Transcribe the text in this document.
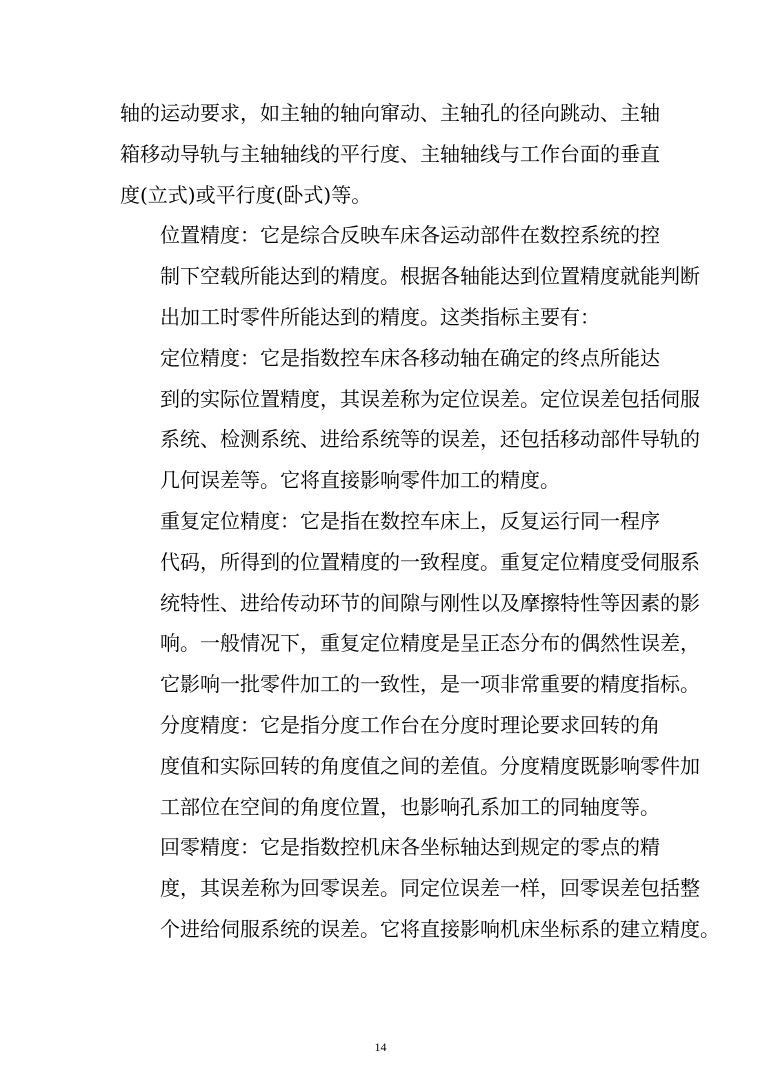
轴的运动要求，如主轴的轴向窜动、主轴孔的径向跳动、主轴
箱移动导轨与主轴轴线的平行度、主轴轴线与工作台面的垂直
度(立式)或平行度(卧式)等。

位置精度：它是综合反映车床各运动部件在数控系统的控
制下空载所能达到的精度。根据各轴能达到位置精度就能判断
出加工时零件所能达到的精度。这类指标主要有：

定位精度：它是指数控车床各移动轴在确定的终点所能达
到的实际位置精度，其误差称为定位误差。定位误差包括伺服
系统、检测系统、进给系统等的误差，还包括移动部件导轨的
几何误差等。它将直接影响零件加工的精度。

重复定位精度：它是指在数控车床上，反复运行同一程序
代码，所得到的位置精度的一致程度。重复定位精度受伺服系
统特性、进给传动环节的间隙与刚性以及摩擦特性等因素的影
响。一般情况下，重复定位精度是呈正态分布的偶然性误差，
它影响一批零件加工的一致性，是一项非常重要的精度指标。

分度精度：它是指分度工作台在分度时理论要求回转的角
度值和实际回转的角度值之间的差值。分度精度既影响零件加
工部位在空间的角度位置，也影响孔系加工的同轴度等。

回零精度：它是指数控机床各坐标轴达到规定的零点的精
度，其误差称为回零误差。同定位误差一样，回零误差包括整
个进给伺服系统的误差。它将直接影响机床坐标系的建立精度。

14
